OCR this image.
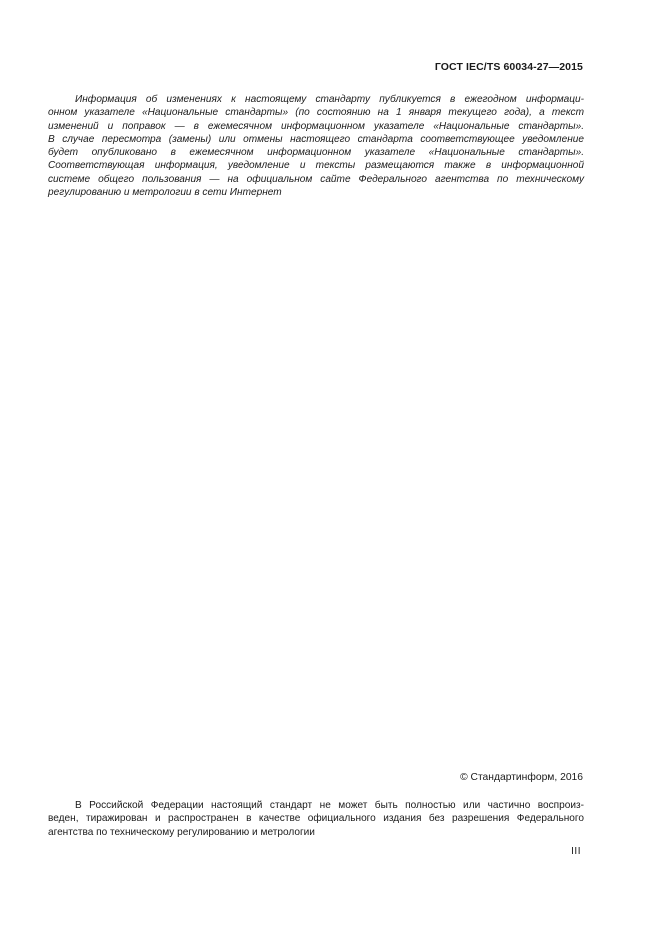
ГОСТ IEC/TS 60034-27—2015
Информация об изменениях к настоящему стандарту публикуется в ежегодном информаци-
онном указателе «Национальные стандарты» (по состоянию на 1 января текущего года), а текст
изменений и поправок — в ежемесячном информационном указателе «Национальные стандарты».
В случае пересмотра (замены) или отмены настоящего стандарта соответствующее уведомление
будет опубликовано в ежемесячном информационном указателе «Национальные стандарты».
Соответствующая информация, уведомление и тексты размещаются также в информационной
системе общего пользования — на официальном сайте Федерального агентства по техническому
регулированию и метрологии в сети Интернет
© Стандартинформ, 2016
В Российской Федерации настоящий стандарт не может быть полностью или частично воспроиз-
веден, тиражирован и распространен в качестве официального издания без разрешения Федерального
агентства по техническому регулированию и метрологии
III
